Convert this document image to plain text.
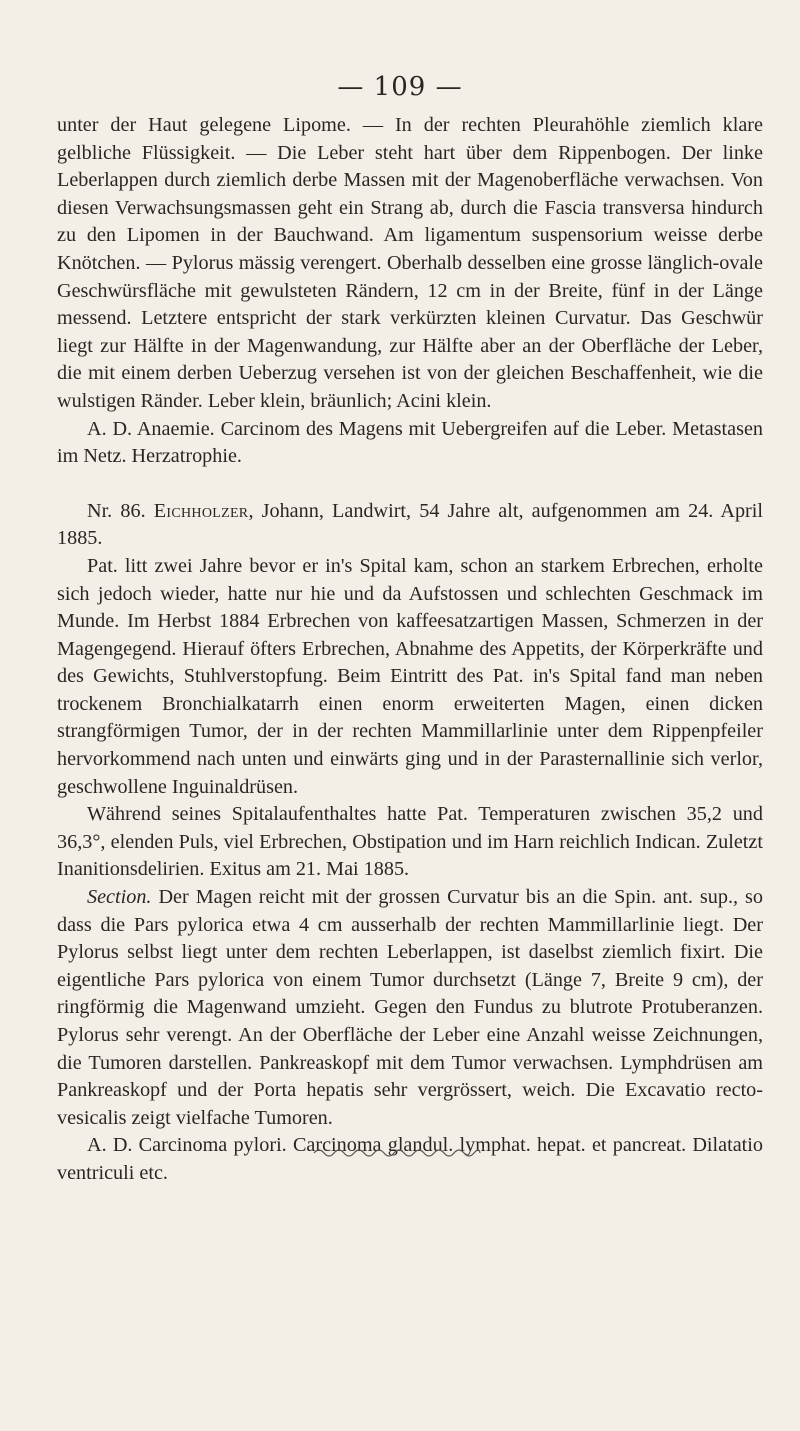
— 109 —

unter der Haut gelegene Lipome. — In der rechten Pleurahöhle ziemlich klare gelbliche Flüssigkeit. — Die Leber steht hart über dem Rippenbogen. Der linke Leberlappen durch ziemlich derbe Massen mit der Magenoberfläche verwachsen. Von diesen Verwachsungsmassen geht ein Strang ab, durch die Fascia transversa hindurch zu den Lipomen in der Bauchwand. Am ligamentum suspensorium weisse derbe Knötchen. — Pylorus mässig verengert. Oberhalb desselben eine grosse länglich-ovale Geschwürsfläche mit gewulsteten Rändern, 12 cm in der Breite, fünf in der Länge messend. Letztere entspricht der stark verkürzten kleinen Curvatur. Das Geschwür liegt zur Hälfte in der Magenwandung, zur Hälfte aber an der Oberfläche der Leber, die mit einem derben Ueberzug versehen ist von der gleichen Beschaffenheit, wie die wulstigen Ränder. Leber klein, bräunlich; Acini klein.

A. D. Anaemie. Carcinom des Magens mit Uebergreifen auf die Leber. Metastasen im Netz. Herzatrophie.

Nr. 86. Eichholzer, Johann, Landwirt, 54 Jahre alt, aufgenommen am 24. April 1885.

Pat. litt zwei Jahre bevor er in's Spital kam, schon an starkem Erbrechen, erholte sich jedoch wieder, hatte nur hie und da Aufstossen und schlechten Geschmack im Munde. Im Herbst 1884 Erbrechen von kaffeesatzartigen Massen, Schmerzen in der Magengegend. Hierauf öfters Erbrechen, Abnahme des Appetits, der Körperkräfte und des Gewichts, Stuhlverstopfung. Beim Eintritt des Pat. in's Spital fand man neben trockenem Bronchialkatarrh einen enorm erweiterten Magen, einen dicken strangförmigen Tumor, der in der rechten Mammillarlinie unter dem Rippenpfeiler hervorkommend nach unten und einwärts ging und in der Parasternallinie sich verlor, geschwollene Inguinaldrüsen.

Während seines Spitalaufenthaltes hatte Pat. Temperaturen zwischen 35,2 und 36,3°, elenden Puls, viel Erbrechen, Obstipation und im Harn reichlich Indican. Zuletzt Inanitionsdelirien. Exitus am 21. Mai 1885.

Section. Der Magen reicht mit der grossen Curvatur bis an die Spin. ant. sup., so dass die Pars pylorica etwa 4 cm ausserhalb der rechten Mammillarlinie liegt. Der Pylorus selbst liegt unter dem rechten Leberlappen, ist daselbst ziemlich fixirt. Die eigentliche Pars pylorica von einem Tumor durchsetzt (Länge 7, Breite 9 cm), der ringförmig die Magenwand umzieht. Gegen den Fundus zu blutrote Protuberanzen. Pylorus sehr verengt. An der Oberfläche der Leber eine Anzahl weisse Zeichnungen, die Tumoren darstellen. Pankreaskopf mit dem Tumor verwachsen. Lymphdrüsen am Pankreaskopf und der Porta hepatis sehr vergrössert, weich. Die Excavatio recto-vesicalis zeigt vielfache Tumoren.

A. D. Carcinoma pylori. Carcinoma glandul. lymphat. hepat. et pancreat. Dilatatio ventriculi etc.
